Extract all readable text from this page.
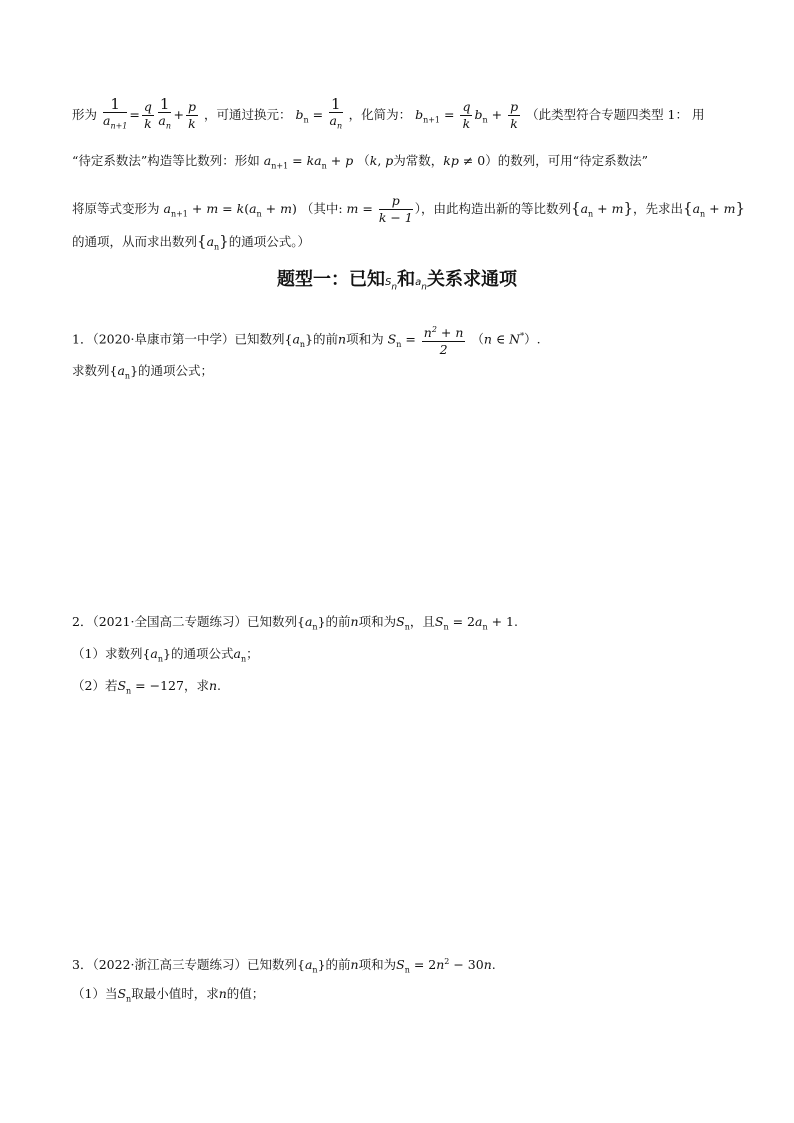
形为 $\frac{1}{a_{n+1}} = \frac{q}{k} \frac{1}{a_n} + \frac{p}{k}$ ，可通过换元： $b_n = \frac{1}{a_n}$ ，化简为： $b_{n+1} = \frac{q}{k} b_n + \frac{p}{k}$ （此类型符合专题四类型 1： 用
“待定系数法”构造等比数列：形如 $a_{n+1} = ka_n + p$ （k, p为常数，kp ≠ 0）的数列，可用“待定系数法”
将原等式变形为 $a_{n+1} + m = k(a_n + m)$ （其中: $m = \frac{p}{k - 1}$ ），由此构造出新的等比数列$\{a_n + m\}$，先求出$\{a_n + m\}$
的通项，从而求出数列$\{a_n\}$的通项公式。）
题型一：已知$S_n$和$a_n$关系求通项
1．（2020·阜康市第一中学）已知数列$\{a_n\}$的前n项和为 $S_n = \frac{n^2 + n}{2} (n$ ∈ N*）.
求数列$\{a_n\}$的通项公式；
2．（2021·全国高二专题练习）已知数列$\{a_n\}$的前n项和为$S_n$，且$S_n = 2a_n + 1$.
（1）求数列$\{a_n\}$的通项公式$a_n$；
（2）若$S_n = -127$，求n.
3．（2022·浙江高三专题练习）已知数列$\{a_n\}$的前n项和为$S_n = 2n^2 - 30n$.
（1）当$S_n$取最小值时，求n的值；
